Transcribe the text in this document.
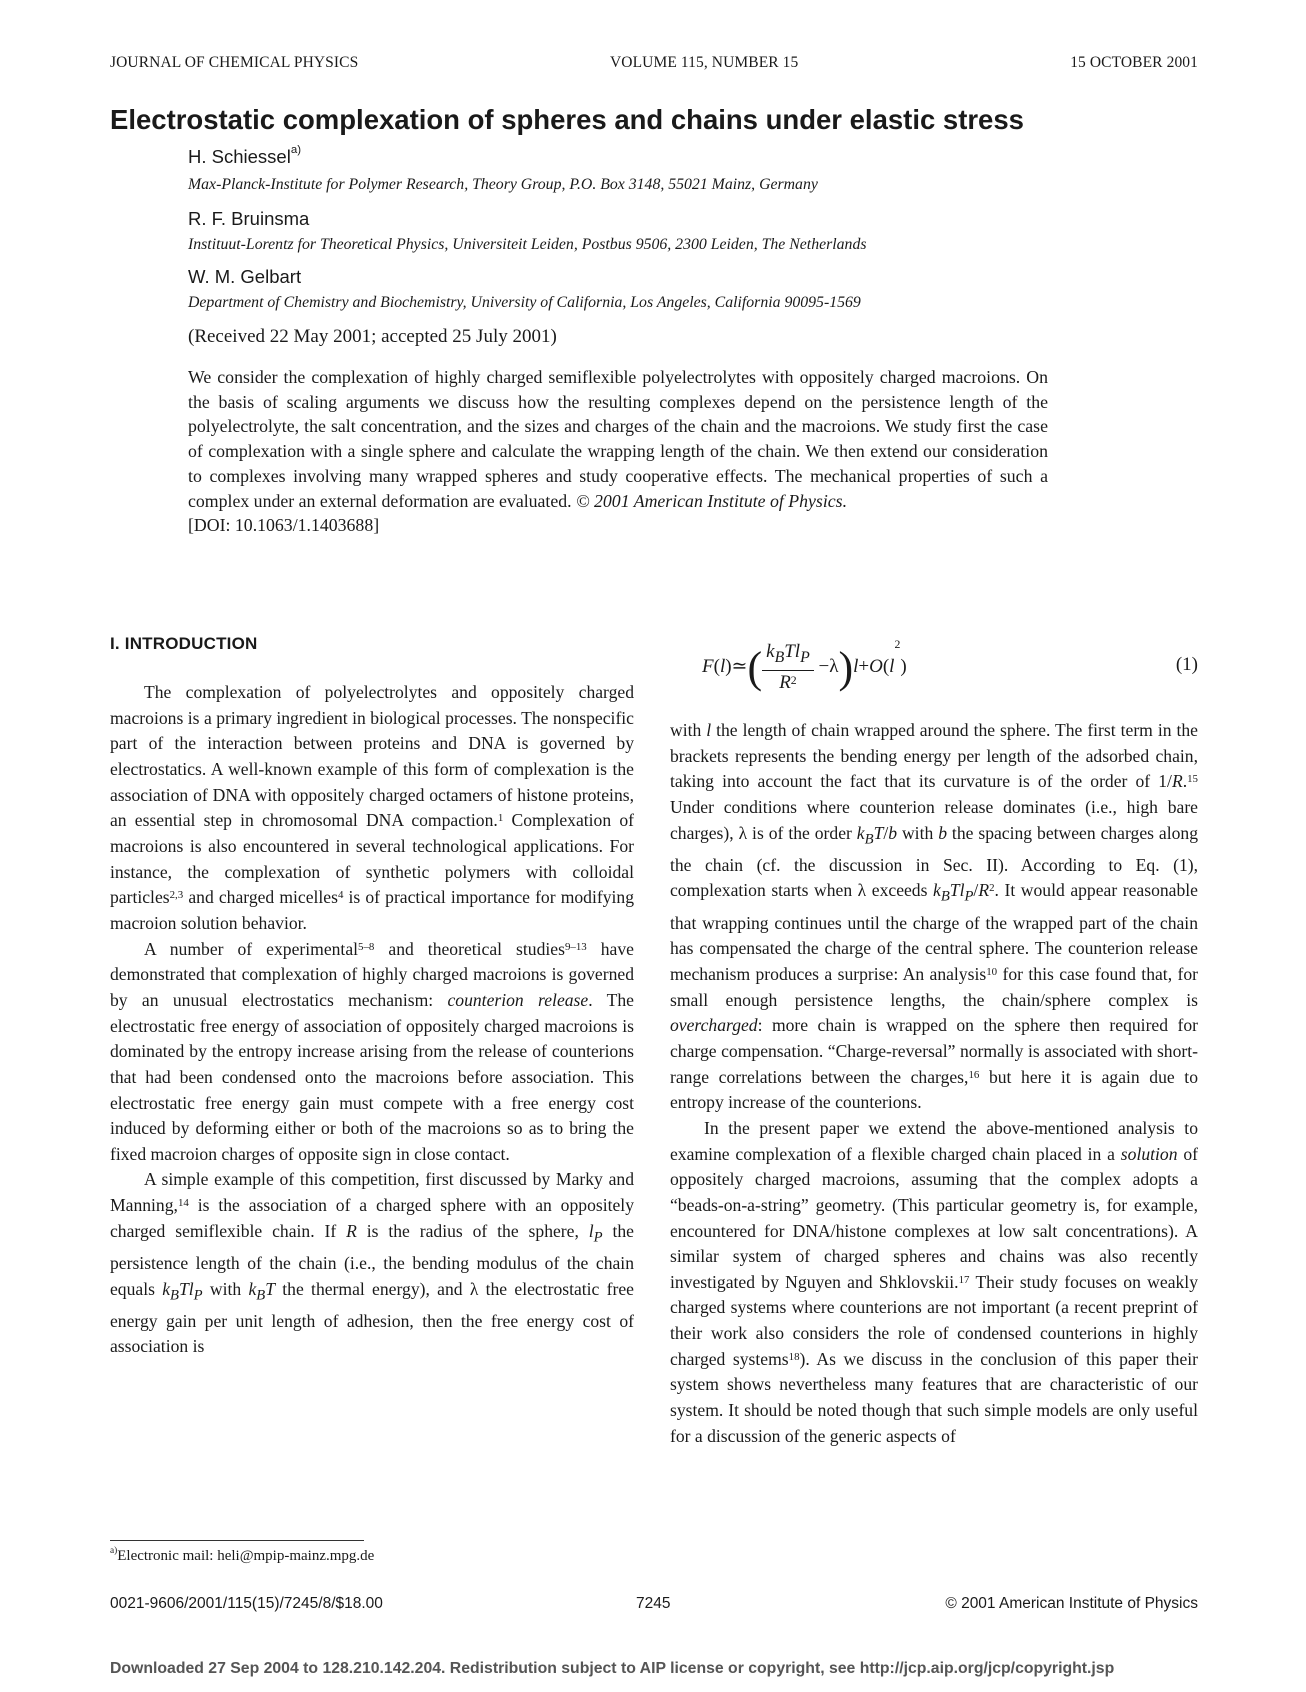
JOURNAL OF CHEMICAL PHYSICS	VOLUME 115, NUMBER 15	15 OCTOBER 2001
Electrostatic complexation of spheres and chains under elastic stress
H. Schiessel$^{a)}$
Max-Planck-Institute for Polymer Research, Theory Group, P.O. Box 3148, 55021 Mainz, Germany
R. F. Bruinsma
Instituut-Lorentz for Theoretical Physics, Universiteit Leiden, Postbus 9506, 2300 Leiden, The Netherlands
W. M. Gelbart
Department of Chemistry and Biochemistry, University of California, Los Angeles, California 90095-1569
(Received 22 May 2001; accepted 25 July 2001)
We consider the complexation of highly charged semiflexible polyelectrolytes with oppositely charged macroions. On the basis of scaling arguments we discuss how the resulting complexes depend on the persistence length of the polyelectrolyte, the salt concentration, and the sizes and charges of the chain and the macroions. We study first the case of complexation with a single sphere and calculate the wrapping length of the chain. We then extend our consideration to complexes involving many wrapped spheres and study cooperative effects. The mechanical properties of such a complex under an external deformation are evaluated. © 2001 American Institute of Physics.
[DOI: 10.1063/1.1403688]
I. INTRODUCTION

The complexation of polyelectrolytes and oppositely charged macroions is a primary ingredient in biological processes. The nonspecific part of the interaction between proteins and DNA is governed by electrostatics. A well-known example of this form of complexation is the association of DNA with oppositely charged octamers of histone proteins, an essential step in chromosomal DNA compaction.$^1$ Complexation of macroions is also encountered in several technological applications. For instance, the complexation of synthetic polymers with colloidal particles$^{2,3}$ and charged micelles$^4$ is of practical importance for modifying macroion solution behavior.

A number of experimental$^{5-8}$ and theoretical studies$^{9-13}$ have demonstrated that complexation of highly charged macroions is governed by an unusual electrostatics mechanism: counterion release. The electrostatic free energy of association of oppositely charged macroions is dominated by the entropy increase arising from the release of counterions that had been condensed onto the macroions before association. This electrostatic free energy gain must compete with a free energy cost induced by deforming either or both of the macroions so as to bring the fixed macroion charges of opposite sign in close contact.

A simple example of this competition, first discussed by Marky and Manning,$^{14}$ is the association of a charged sphere with an oppositely charged semiflexible chain. If R is the radius of the sphere, $l_P$ the persistence length of the chain (i.e., the bending modulus of the chain equals $k_BTl_P$ with $k_BT$ the thermal energy), and λ the electrostatic free energy gain per unit length of adhesion, then the free energy cost of association is

F(l)≃( $\frac{k_BTl_P}{R^2} -\lambda)l+O(l^2)$	(1)

with l the length of chain wrapped around the sphere. The first term in the brackets represents the bending energy per length of the adsorbed chain, taking into account the fact that its curvature is of the order of 1/R.$^{15}$ Under conditions where counterion release dominates (i.e., high bare charges), λ is of the order $k_BT/b$ with b the spacing between charges along the chain (cf. the discussion in Sec. II). According to Eq. (1), complexation starts when λ exceeds $k_BTl_P/R^2$. It would appear reasonable that wrapping continues until the charge of the wrapped part of the chain has compensated the charge of the central sphere. The counterion release mechanism produces a surprise: An analysis$^{10}$ for this case found that, for small enough persistence lengths, the chain/sphere complex is overcharged: more chain is wrapped on the sphere then required for charge compensation. “Charge-reversal” normally is associated with short-range correlations between the charges,$^{16}$ but here it is again due to entropy increase of the counterions.

In the present paper we extend the above-mentioned analysis to examine complexation of a flexible charged chain placed in a solution of oppositely charged macroions, assuming that the complex adopts a “beads-on-a-string” geometry. (This particular geometry is, for example, encountered for DNA/histone complexes at low salt concentrations). A similar system of charged spheres and chains was also recently investigated by Nguyen and Shklovskii.$^{17}$ Their study focuses on weakly charged systems where counterions are not important (a recent preprint of their work also considers the role of condensed counterions in highly charged systems$^{18}$). As we discuss in the conclusion of this paper their system shows nevertheless many features that are characteristic of our system. It should be noted though that such simple models are only useful for a discussion of the generic aspects of

$^{a)}$Electronic mail: heli@mpip-mainz.mpg.de
0021-9606/2001/115(15)/7245/8/$18.00	7245	© 2001 American Institute of Physics
Downloaded 27 Sep 2004 to 128.210.142.204. Redistribution subject to AIP license or copyright, see http://jcp.aip.org/jcp/copyright.jsp
